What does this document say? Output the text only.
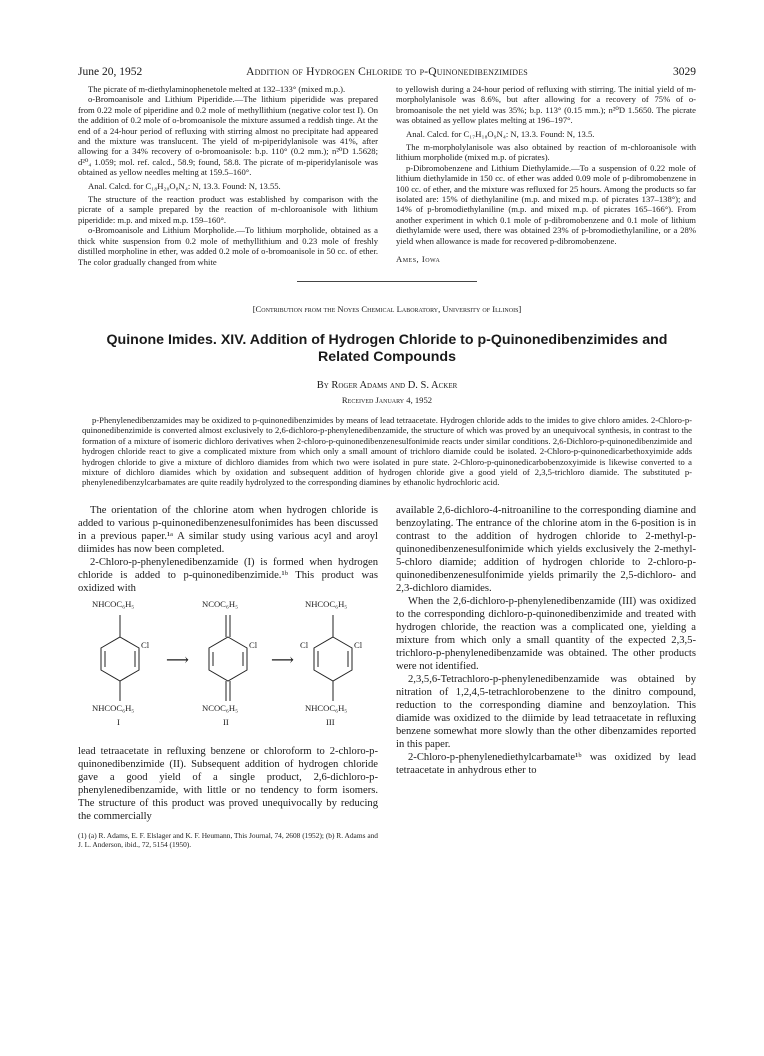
June 20, 1952	Addition of Hydrogen Chloride to p-Quinonedibenzimides	3029

The picrate of m-diethylaminophenetole melted at 132–133° (mixed m.p.).

o-Bromoanisole and Lithium Piperidide.—The lithium piperidide was prepared from 0.22 mole of piperidine and 0.2 mole of methyllithium (negative color test I). On the addition of 0.2 mole of o-bromoanisole the mixture assumed a reddish tinge. At the end of a 24-hour period of refluxing with stirring almost no precipitate had appeared and the mixture was translucent. The yield of m-piperidylanisole was 41%, after allowing for a 34% recovery of o-bromoanisole: b.p. 110° (0.2 mm.); n²⁰D 1.5628; d²⁰₄ 1.059; mol. ref. calcd., 58.9; found, 58.8. The picrate of m-piperidylanisole was obtained as yellow needles melting at 159.5–160°.

Anal. Calcd. for C₁₈H₂₀O₈N₄: N, 13.3. Found: N, 13.55.

The structure of the reaction product was established by comparison with the picrate of a sample prepared by the reaction of m-chloroanisole with lithium piperidide: m.p. and mixed m.p. 159–160°.

o-Bromoanisole and Lithium Morpholide.—To lithium morpholide, obtained as a thick white suspension from 0.2 mole of methyllithium and 0.23 mole of freshly distilled morpholine in ether, was added 0.2 mole of o-bromoanisole in 50 cc. of ether. The color gradually changed from white

to yellowish during a 24-hour period of refluxing with stirring. The initial yield of m-morpholylanisole was 8.6%, but after allowing for a recovery of 75% of o-bromoanisole the net yield was 35%; b.p. 113° (0.15 mm.); n²⁰D 1.5650. The picrate was obtained as yellow plates melting at 196–197°.

Anal. Calcd. for C₁₇H₁₈O₉N₄: N, 13.3. Found: N, 13.5.

The m-morpholylanisole was also obtained by reaction of m-chloroanisole with lithium morpholide (mixed m.p. of picrates).

p-Dibromobenzene and Lithium Diethylamide.—To a suspension of 0.22 mole of lithium diethylamide in 150 cc. of ether was added 0.09 mole of p-dibromobenzene in 100 cc. of ether, and the mixture was refluxed for 25 hours. Among the products so far isolated are: 15% of diethylaniline (m.p. and mixed m.p. of picrates 137–138°); and 14% of p-bromodiethylaniline (m.p. and mixed m.p. of picrates 165–166°). From another experiment in which 0.1 mole of p-dibromobenzene and 0.1 mole of lithium diethylamide were used, there was obtained 23% of p-bromodiethylaniline, or a 28% yield when allowance is made for recovered p-dibromobenzene.

Ames, Iowa
[Contribution from the Noyes Chemical Laboratory, University of Illinois]
Quinone Imides. XIV. Addition of Hydrogen Chloride to p-Quinonedibenzimides and Related Compounds
By Roger Adams and D. S. Acker
Received January 4, 1952
p-Phenylenedibenzamides may be oxidized to p-quinonedibenzimides by means of lead tetraacetate. Hydrogen chloride adds to the imides to give chloro amides. 2-Chloro-p-quinonedibenzimide is converted almost exclusively to 2,6-dichloro-p-phenylenedibenzamide, the structure of which was proved by an unequivocal synthesis, in contrast to the formation of a mixture of isomeric dichloro derivatives when 2-chloro-p-quinonedibenzenesulfonimide reacts under similar conditions. 2,6-Dichloro-p-quinonedibenzimide and hydrogen chloride react to give a complicated mixture from which only a small amount of trichloro diamide could be isolated. 2-Chloro-p-quinonedicarbethoxyimide adds hydrogen chloride to give a mixture of dichloro diamides from which two were isolated in pure state. 2-Chloro-p-quinonedicarbobenzoxyimide is likewise converted to a mixture of dichloro diamides which by oxidation and subsequent addition of hydrogen chloride give a good yield of 2,3,5-trichloro diamide. The substituted p-phenylenedibenzylcarbamates are quite readily hydrolyzed to the corresponding diamines by ethanolic hydrochloric acid.

The orientation of the chlorine atom when hydrogen chloride is added to various p-quinonedibenzenesulfonimides has been discussed in a previous paper.¹ᵃ A similar study using various acyl and aroyl diimides has now been completed.

2-Chloro-p-phenylenedibenzamide (I) is formed when hydrogen chloride is added to p-quinonedibenzimide.¹ᵇ This product was oxidized with

NHCOC₆H₅	NCOC₆H₅	NHCOC₆H₅
Cl	Cl	Cl	Cl
⟶	⟶
NHCOC₆H₅	NCOC₆H₅	NHCOC₆H₅
I	II	III

lead tetraacetate in refluxing benzene or chloroform to 2-chloro-p-quinonedibenzimide (II). Subsequent addition of hydrogen chloride gave a good yield of a single product, 2,6-dichloro-p-phenylenedibenzamide, with little or no tendency to form isomers. The structure of this product was proved unequivocally by reducing the commercially

(1) (a) R. Adams, E. F. Elslager and K. F. Heumann, This Journal, 74, 2608 (1952); (b) R. Adams and J. L. Anderson, ibid., 72, 5154 (1950).

available 2,6-dichloro-4-nitroaniline to the corresponding diamine and benzoylating. The entrance of the chlorine atom in the 6-position is in contrast to the addition of hydrogen chloride to 2-methyl-p-quinonedibenzenesulfonimide which yields exclusively the 2-methyl-5-chloro diamide; addition of hydrogen chloride to 2-chloro-p-quinonedibenzenesulfonimide yields primarily the 2,5-dichloro- and 2,3-dichloro diamides.

When the 2,6-dichloro-p-phenylenedibenzamide (III) was oxidized to the corresponding dichloro-p-quinonedibenzimide and treated with hydrogen chloride, the reaction was a complicated one, yielding a mixture from which only a small quantity of the expected 2,3,5-trichloro-p-phenylenedibenzamide was obtained. The other products were not identified.

2,3,5,6-Tetrachloro-p-phenylenedibenzamide was obtained by nitration of 1,2,4,5-tetrachlorobenzene to the dinitro compound, reduction to the corresponding diamine and benzoylation. This diamide was oxidized to the diimide by lead tetraacetate in refluxing benzene somewhat more slowly than the other dibenzamides reported in this paper.

2-Chloro-p-phenylenediethylcarbamate¹ᵇ was oxidized by lead tetraacetate in anhydrous ether to
